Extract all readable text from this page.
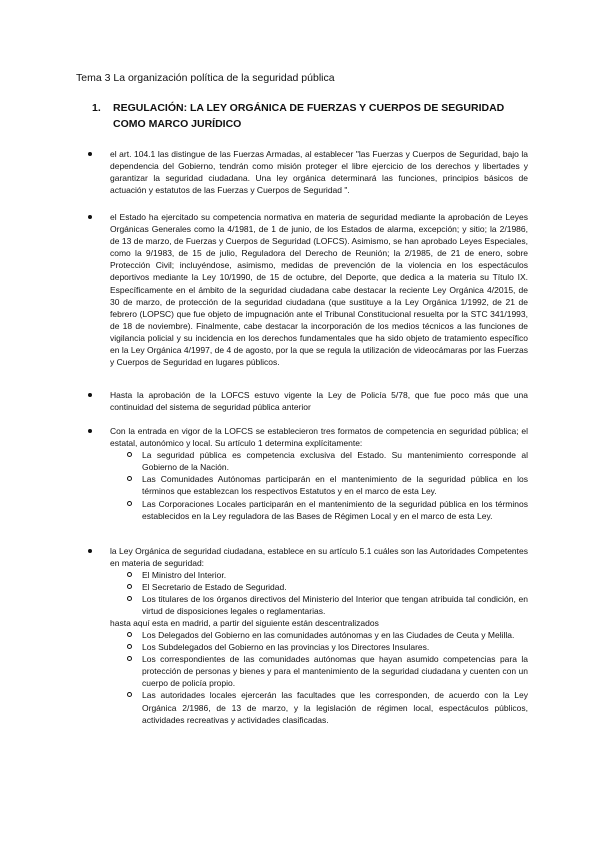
Tema 3 La organización política de la seguridad pública
1. REGULACIÓN: LA LEY ORGÁNICA DE FUERZAS Y CUERPOS DE SEGURIDAD COMO MARCO JURÍDICO
el art. 104.1 las distingue de las Fuerzas Armadas, al establecer "las Fuerzas y Cuerpos de Seguridad, bajo la dependencia del Gobierno, tendrán como misión proteger el libre ejercicio de los derechos y libertades y garantizar la seguridad ciudadana. Una ley orgánica determinará las funciones, principios básicos de actuación y estatutos de las Fuerzas y Cuerpos de Seguridad ".
el Estado ha ejercitado su competencia normativa en materia de seguridad mediante la aprobación de Leyes Orgánicas Generales como la 4/1981, de 1 de junio, de los Estados de alarma, excepción; y sitio; la 2/1986, de 13 de marzo, de Fuerzas y Cuerpos de Seguridad (LOFCS). Asimismo, se han aprobado Leyes Especiales, como la 9/1983, de 15 de julio, Reguladora del Derecho de Reunión; la 2/1985, de 21 de enero, sobre Protección Civil; incluyéndose, asimismo, medidas de prevención de la violencia en los espectáculos deportivos mediante la Ley 10/1990, de 15 de octubre, del Deporte, que dedica a la materia su Título IX. Específicamente en el ámbito de la seguridad ciudadana cabe destacar la reciente Ley Orgánica 4/2015, de 30 de marzo, de protección de la seguridad ciudadana (que sustituye a la Ley Orgánica 1/1992, de 21 de febrero (LOPSC) que fue objeto de impugnación ante el Tribunal Constitucional resuelta por la STC 341/1993, de 18 de noviembre). Finalmente, cabe destacar la incorporación de los medios técnicos a las funciones de vigilancia policial y su incidencia en los derechos fundamentales que ha sido objeto de tratamiento específico en la Ley Orgánica 4/1997, de 4 de agosto, por la que se regula la utilización de videocámaras por las Fuerzas y Cuerpos de Seguridad en lugares públicos.
Hasta la aprobación de la LOFCS estuvo vigente la Ley de Policía 5/78, que fue poco más que una continuidad del sistema de seguridad pública anterior
Con la entrada en vigor de la LOFCS se establecieron tres formatos de competencia en seguridad pública; el estatal, autonómico y local. Su artículo 1 determina explícitamente:
La seguridad pública es competencia exclusiva del Estado. Su mantenimiento corresponde al Gobierno de la Nación.
Las Comunidades Autónomas participarán en el mantenimiento de la seguridad pública en los términos que establezcan los respectivos Estatutos y en el marco de esta Ley.
Las Corporaciones Locales participarán en el mantenimiento de la seguridad pública en los términos establecidos en la Ley reguladora de las Bases de Régimen Local y en el marco de esta Ley.
la Ley Orgánica de seguridad ciudadana, establece en su artículo 5.1 cuáles son las Autoridades Competentes en materia de seguridad:
El Ministro del Interior.
El Secretario de Estado de Seguridad.
Los titulares de los órganos directivos del Ministerio del Interior que tengan atribuida tal condición, en virtud de disposiciones legales o reglamentarias.
hasta aquí esta en madrid, a partir del siguiente están descentralizados
Los Delegados del Gobierno en las comunidades autónomas y en las Ciudades de Ceuta y Melilla.
Los Subdelegados del Gobierno en las provincias y los Directores Insulares.
Los correspondientes de las comunidades autónomas que hayan asumido competencias para la protección de personas y bienes y para el mantenimiento de la seguridad ciudadana y cuenten con un cuerpo de policía propio.
Las autoridades locales ejercerán las facultades que les corresponden, de acuerdo con la Ley Orgánica 2/1986, de 13 de marzo, y la legislación de régimen local, espectáculos públicos, actividades recreativas y actividades clasificadas.
